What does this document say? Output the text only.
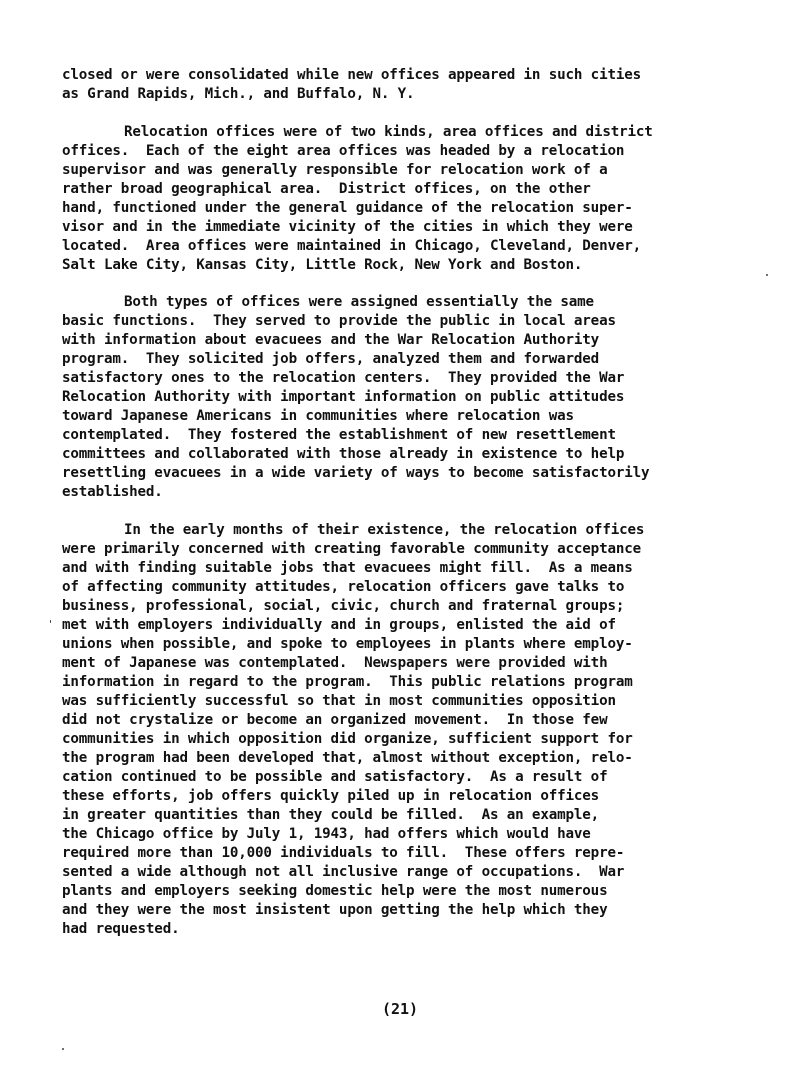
closed or were consolidated while new offices appeared in such cities
as Grand Rapids, Mich., and Buffalo, N. Y.
Relocation offices were of two kinds, area offices and district
offices.  Each of the eight area offices was headed by a relocation
supervisor and was generally responsible for relocation work of a
rather broad geographical area.  District offices, on the other
hand, functioned under the general guidance of the relocation super-
visor and in the immediate vicinity of the cities in which they were
located.  Area offices were maintained in Chicago, Cleveland, Denver,
Salt Lake City, Kansas City, Little Rock, New York and Boston.
Both types of offices were assigned essentially the same
basic functions.  They served to provide the public in local areas
with information about evacuees and the War Relocation Authority
program.  They solicited job offers, analyzed them and forwarded
satisfactory ones to the relocation centers.  They provided the War
Relocation Authority with important information on public attitudes
toward Japanese Americans in communities where relocation was
contemplated.  They fostered the establishment of new resettlement
committees and collaborated with those already in existence to help
resettling evacuees in a wide variety of ways to become satisfactorily
established.
In the early months of their existence, the relocation offices
were primarily concerned with creating favorable community acceptance
and with finding suitable jobs that evacuees might fill.  As a means
of affecting community attitudes, relocation officers gave talks to
business, professional, social, civic, church and fraternal groups;
met with employers individually and in groups, enlisted the aid of
unions when possible, and spoke to employees in plants where employ-
ment of Japanese was contemplated.  Newspapers were provided with
information in regard to the program.  This public relations program
was sufficiently successful so that in most communities opposition
did not crystalize or become an organized movement.  In those few
communities in which opposition did organize, sufficient support for
the program had been developed that, almost without exception, relo-
cation continued to be possible and satisfactory.  As a result of
these efforts, job offers quickly piled up in relocation offices
in greater quantities than they could be filled.  As an example,
the Chicago office by July 1, 1943, had offers which would have
required more than 10,000 individuals to fill.  These offers repre-
sented a wide although not all inclusive range of occupations.  War
plants and employers seeking domestic help were the most numerous
and they were the most insistent upon getting the help which they
had requested.
(21)
